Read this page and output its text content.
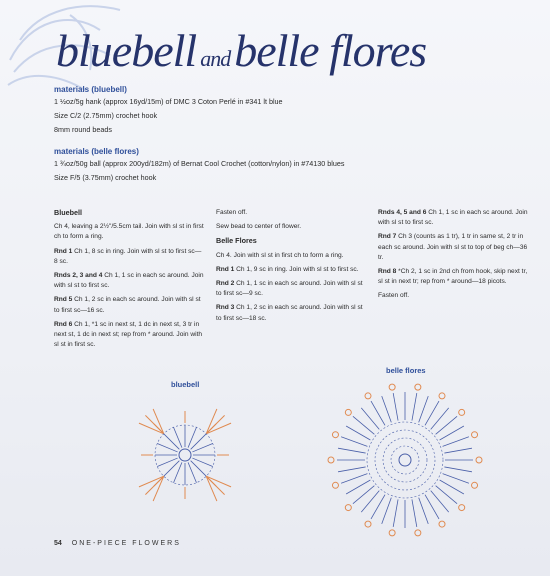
bluebell andbelle flores
materials (bluebell)

1 ½oz/5g hank (approx 16yd/15m) of DMC 3 Coton Perlé in #341 lt blue

Size C/2 (2.75mm) crochet hook

8mm round beads

materials (belle flores)

1 ¾oz/50g ball (approx 200yd/182m) of Bernat Cool Crochet (cotton/nylon) in #74130 blues

Size F/5 (3.75mm) crochet hook

Bluebell

Ch 4, leaving a 2½"/5.5cm tail. Join with sl st in first ch to form a ring.

Rnd 1 Ch 1, 8 sc in ring. Join with sl st to first sc—8 sc.

Rnds 2, 3 and 4 Ch 1, 1 sc in each sc around. Join with sl st to first sc.

Rnd 5 Ch 1, 2 sc in each sc around. Join with sl st to first sc—16 sc.

Rnd 6 Ch 1, *1 sc in next st, 1 dc in next st, 3 tr in next st, 1 dc in next st; rep from * around. Join with sl st in first sc.

Fasten off.

Sew bead to center of flower.

Belle Flores

Ch 4. Join with sl st in first ch to form a ring.

Rnd 1 Ch 1, 9 sc in ring. Join with sl st to first sc.

Rnd 2 Ch 1, 1 sc in each sc around. Join with sl st to first sc—9 sc.

Rnd 3 Ch 1, 2 sc in each sc around. Join with sl st to first sc—18 sc.

Rnds 4, 5 and 6 Ch 1, 1 sc in each sc around. Join with sl st to first sc.

Rnd 7 Ch 3 (counts as 1 tr), 1 tr in same st, 2 tr in each sc around. Join with sl st to top of beg ch—36 tr.

Rnd 8 *Ch 2, 1 sc in 2nd ch from hook, skip next tr, sl st in next tr; rep from * around—18 picots.

Fasten off.

bluebell
belle flores
54 ONE-PIECE FLOWERS
